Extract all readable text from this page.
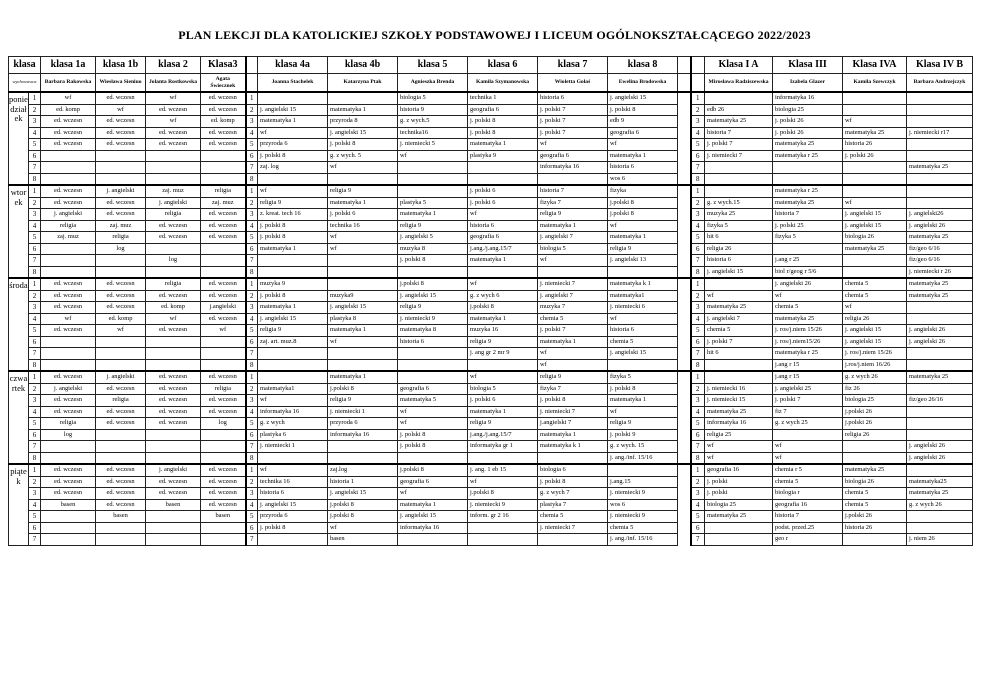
PLAN LEKCJI DLA KATOLICKIEJ SZKOŁY PODSTAWOWEJ I LICEUM OGÓLNOKSZTAŁCĄCEGO 2022/2023
klasa		klasa 1a	klasa 1b	klasa 2	Klasa3		klasa 4a	klasa 4b	klasa 5	klasa 6	klasa 7	klasa 8			Klasa I A	Klasa III	Klasa IVA	Klasa IV B
wychowawca		Barbara Rakowska	Wiesława Sieniuo	Jolanta Rostkowska	Agata Świecznek		Joanna Stachelek	Katarzyna Ptak	Agnieszka Brenda	Kamila Szymanowska	Wioletta Gołaś	Ewelina Brodowska			Mirosława Radziszewska	Izabela Glazer	Kamila Szewczyk	Barbara Andrzejczyk
poniedziałek	1	wf	ed. wczesn	wf	ed. wczesn	1			biologia 5	technika 1	historia 6	j. angielski 15		1		informatyka 16		
	2	ed. komp	wf	ed. wczesn	ed. wczesn	2	j. angielski 15	matematyka 1	historia 9	geografia 6	j. polski 7	j. polski 8		2	edb 26	biologia 25		
	3	ed. wczesn	ed. wczesn	wf	ed. komp	3	matematyka 1	przyroda 8	g. z wych.5	j. polski 8	j. polski 7	edb 9		3	matematyka 25	j. polski 26	wf	
	4	ed. wczesn	ed. wczesn	ed. wczesn	ed. wczesn	4	wf	j. angielski 15	technika16	j. polski 8	j. polski 7	geografia 6		4	historia 7	j. polski 26	matematyka 25	j. niemiecki r17
	5	ed. wczesn	ed. wczesn	ed. wczesn	ed. wczesn	5	przyroda 6	j. polski 8	j. niemiecki 5	matematyka 1	wf	wf		5	j. polski 7	matematyka 25	historia 26	
	6					6	j. polski 8	g. z wych. 5	wf	plastyka 9	geografia 6	matematyka 1		6	j. niemiecki 7	matematyka r 25	j. polski 26	
	7					7	zaj. log	wf			informatyka 16	historia 6		7				matematyka 25
	8					8						wos 6		8				
wtorek	1	ed. wczesn	j. angielski	zaj. muz	religia	1	wf	religia 9		j. polski 6	historia 7	fizyka		1		matematyka r 25		
	2	ed. wczesn	ed. wczesn	j. angielski	zaj. muz	2	religia 9	matematyka 1	plastyka 5	j. polski 6	fizyka 7	j.polski 8		2	g. z wych.15	matematyka 25	wf	
	3	j. angielski	ed. wczesn	religia	ed. wczesn	3	z. kreat. tech 16	j. polski 6	matematyka 1	wf	religia 9	j.polski 8		3	muzyka 25	historia 7	j. angielski 15	j. angielski26
	4	religia	zaj. muz	ed. wczesn	ed. wczesn	4	j. polski 8	technika 16	religia 9	historia 6	matematyka 1	wf		4	fizyka 5	j. polski 25	j. angielski 15	j. angielski 26
	5	zaj. muz	religia	ed. wczesn	ed. wczesn	5	j. polski 8	wf	j. angielski 5	geografia 6	j. angielski 7	matematyka 1		5	hit 6	fizyka 5	biologia 26	matematyka 25
	6		log			6	matematyka 1	wf	muzyka 8	j.ang./j.ang.15/7	biologia 5	religia 9		6	religia 26		matematyka 25	fiz/geo 6/16
	7			log		7			j. polski 8	matematyka 1	wf	j. angielski 13		7	historia 6	j.ang r 25		fiz/geo 6/16
	8					8								8	j. angielski 15	biol r/geog r 5/6		j. niemiecki r 26
środa	1	ed. wczesn	ed. wczesn	religia	ed. wczesn	1	muzyka 9		j.polski 8	wf	j. niemiecki 7	matematyka k 1		1		j. angielski 26	chemia 5	matematyka 25
	2	ed. wczesn	ed. wczesn	ed. wczesn	ed. wczesn	2	j. polski 8	muzyka9	j. angielski 15	g. z wych 6	j. angielski 7	matematyka1		2	wf	wf	chemia 5	matematyka 25
	3	ed. wczesn	ed. wczesn	ed. komp	j.angielski	3	matematyka 1	j. angielski 15	religia 9	j.polski 8	muzyka 7	j. niemiecki 6		3	matematyka 25	chemia 5	wf	
	4	wf	ed. komp	wf	ed. wczesn	4	j. angielski 15	plastyka 8	j. niemiecki 9	matematyka 1	chemia 5	wf		4	j. angielski 7	matematyka 25	religia 26	
	5	ed. wczesn	wf	ed. wczesn	wf	5	religia 9	matematyka 1	matematyka 8	muzyka 16	j. polski 7	historia 6		5	chemia 5	j. ros/j.niem 15/26	j. angielski 15	j. angielski 26
	6					6	zaj. art. muz.8	wf	historia 6	religia 9	matematyka 1	chemia 5		6	j. polski 7	j. ros/j.niem15/26	j. angielski 15	j. angielski 26
	7					7				j. ang gr 2 mr 9	wf	j. angielski 15		7	hit 6	matematyka r 25	j. ros/j.niem 15/26	
	8					8					wf			8		j.ang r 15	j.ros/j.niem 16/26	
czwartek	1	ed. wczesn	j. angielski	ed. wczesn	ed. wczesn	1		matematyka 1		wf	religia 9	fizyka 5		1		j.ang r 15	g. z wych 26	matematyka 25
	2	j. angielski	ed. wczesn	ed. wczesn	religia	2	matematyka1	j.polski 8	geografia 6	biologia 5	fizyka 7	j. polski 8		2	j. niemiecki 16	j. angielski 25	fiz 26	
	3	ed. wczesn	religia	ed. wczesn	ed. wczesn	3	wf	religia 9	matematyka 5	j. polski 6	j. polski 8	matematyka 1		3	j. niemiecki 15	j. polski 7	biologia 25	fiz/geo 26/16
	4	ed. wczesn	ed. wczesn	ed. wczesn	ed. wczesn	4	informatyka 16	j. niemiecki 1	wf	matematyka 1	j. niemiecki 7	wf		4	matematyka 25	fiz 7	j.polski 26	
	5	religia	ed. wczesn	ed. wczesn	log	5	g. z wych	przyroda 6	wf	religia 9	j.angielski 7	religia 9		5	informatyka 16	g. z wych 25	j.polski 26	
	6	log				6	plastyka 6	informatyka 16	j. polski 8	j.ang./j.ang.15/7	matematyka 1	j. polski 9		6	religia 25		religia 26	
	7					7	j. niemiecki 1		j. polski 8	informatyka gr 1	matematyka k 1	g. z wych. 15		7	wf	wf		j. angielski 26
	8					8						j. ang./inf. 15/16		8	wf	wf		j. angielski 26
piątek	1	ed. wczesn	ed. wczesn	j. angielski	ed. wczesn	1	wf	zaj.log	j.polski 8	j. ang. 1 eb 15	biologia 6			1	geografia 16	chemia r 5	matematyka 25	
	2	ed. wczesn	ed. wczesn	ed. wczesn	ed. wczesn	2	technika 16	historia 1	geografia 6	wf	j. polski 8	j.ang.15		2	j. polski	chemia 5	biologia 26	matematyka25
	3	ed. wczesn	ed. wczesn	ed. wczesn	ed. wczesn	3	historia 6	j. angielski 15	wf	j.polski 8	g. z wych 7	j. niemiecki 9		3	j. polski	biologia r	chemia 5	matematyka 25
	4	basen	ed. wczesn	basen	ed. wczesn	4	j. angielski 15	j.polski 8	matematyka 1	j. niemiecki 9	plastyka 7	wos 6		4	biologia 25	geografia 16	chemia 5	g. z wych 26
	5		basen		basen	5	przyroda 6	j.polski 8	j. angielski 15	inform. gr 2 16	chemia 5	j. niemiecki 9		5	matematyka 25	historia 7	j.polski 26	
	6					6	j. polski 8	wf	informatyka 16		j. niemiecki 7	chemia 5		6		podst. przed.25	historia 26	
	7					7		basen				j. ang./inf. 15/16		7		geo r		j. niem 26
